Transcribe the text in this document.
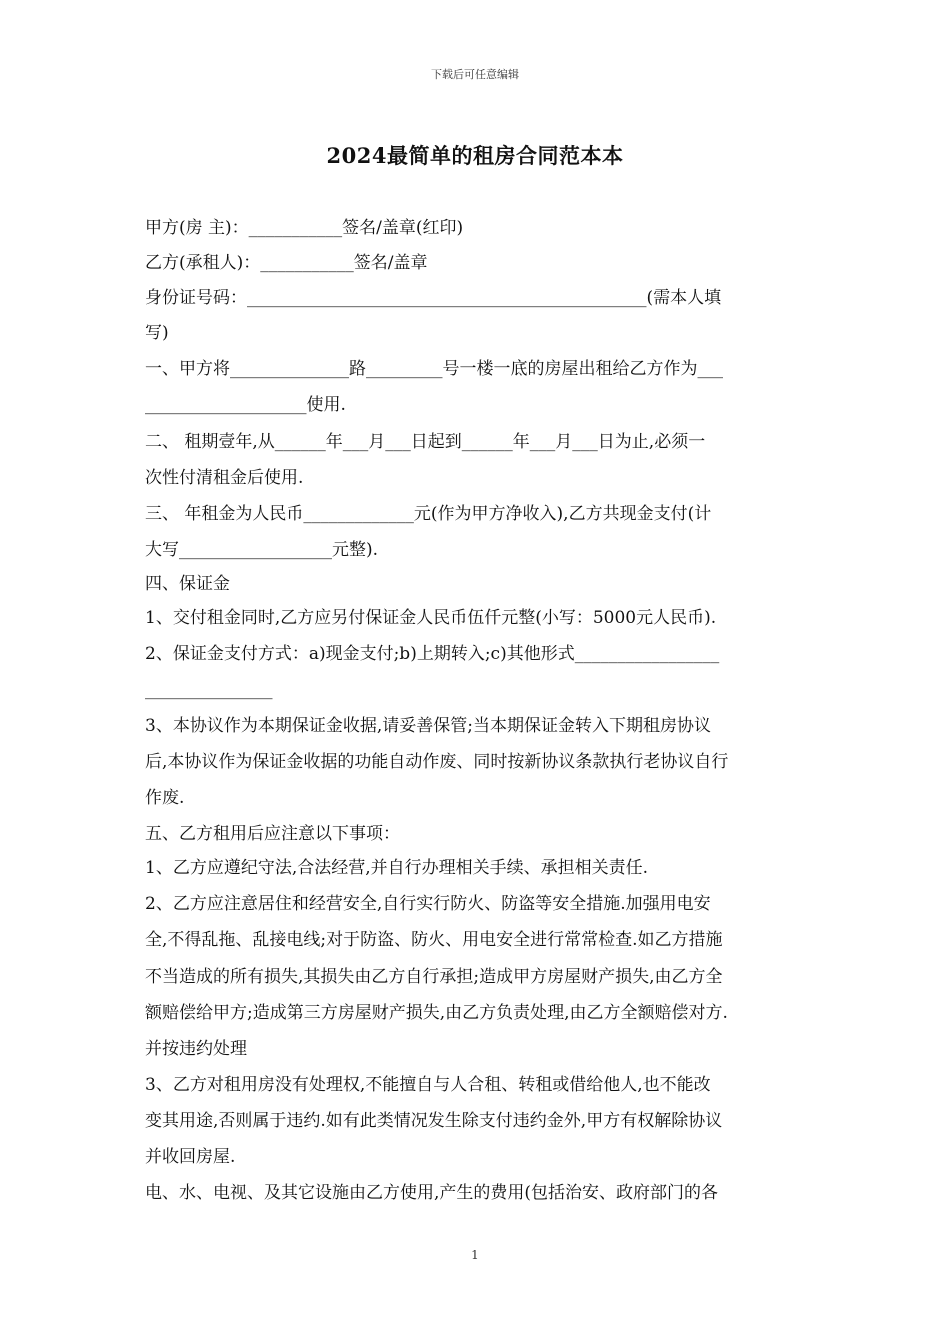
下载后可任意编辑
2024最简单的租房合同范本本
甲方(房 主)：___________签名/盖章(红印)
乙方(承租人)：___________签名/盖章
身份证号码：_______________________________________________(需本人填
写)
一、甲方将______________路_________号一楼一底的房屋出租给乙方作为___
___________________使用.
二、 租期壹年,从______年___月___日起到______年___月___日为止,必须一
次性付清租金后使用.
三、 年租金为人民币_____________元(作为甲方净收入),乙方共现金支付(计
大写__________________元整).
四、保证金
1、交付租金同时,乙方应另付保证金人民币伍仟元整(小写：5000元人民币).
2、保证金支付方式：a)现金支付;b)上期转入;c)其他形式_________________
_______________
3、本协议作为本期保证金收据,请妥善保管;当本期保证金转入下期租房协议
后,本协议作为保证金收据的功能自动作废、同时按新协议条款执行老协议自行
作废.
五、乙方租用后应注意以下事项：
1、乙方应遵纪守法,合法经营,并自行办理相关手续、承担相关责任.
2、乙方应注意居住和经营安全,自行实行防火、防盗等安全措施.加强用电安
全,不得乱拖、乱接电线;对于防盗、防火、用电安全进行常常检查.如乙方措施
不当造成的所有损失,其损失由乙方自行承担;造成甲方房屋财产损失,由乙方全
额赔偿给甲方;造成第三方房屋财产损失,由乙方负责处理,由乙方全额赔偿对方.
并按违约处理
3、乙方对租用房没有处理权,不能擅自与人合租、转租或借给他人,也不能改
变其用途,否则属于违约.如有此类情况发生除支付违约金外,甲方有权解除协议
并收回房屋.
电、水、电视、及其它设施由乙方使用,产生的费用(包括治安、政府部门的各
1
